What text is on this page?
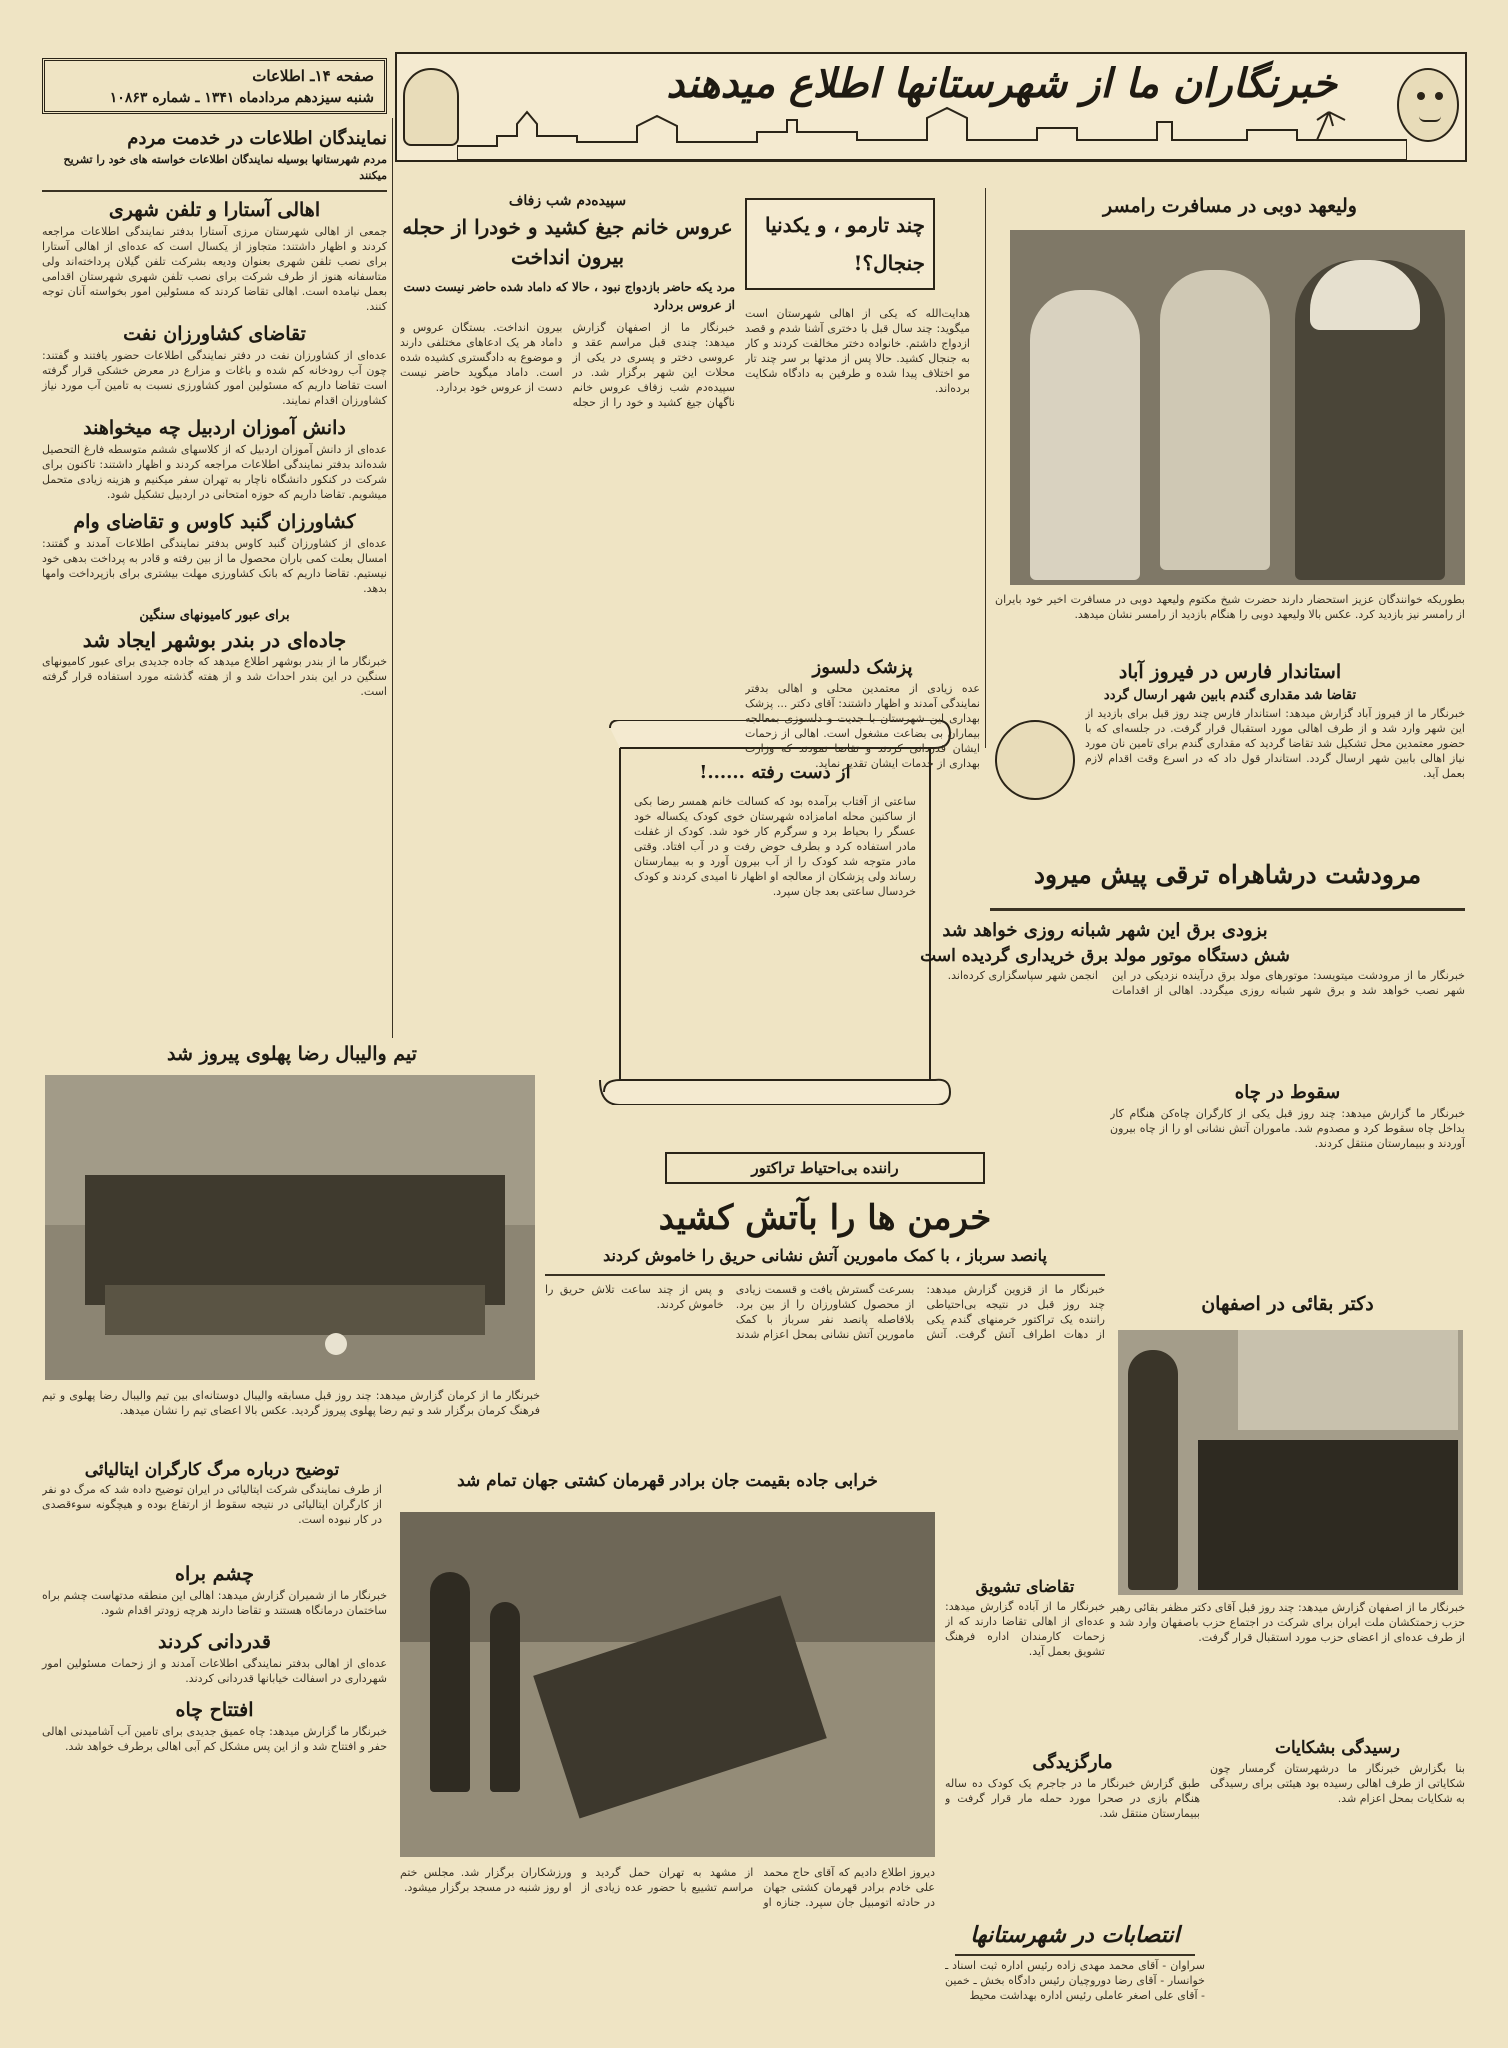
خبرنگاران ما از شهرستانها اطلاع میدهند
صفحه ۱۴ـ اطلاعات
شنبه سیزدهم مردادماه ۱۳۴۱ ـ شماره ۱۰۸۶۳
نمایندگان اطلاعات در خدمت مردم
مردم شهرستانها بوسیله نمایندگان اطلاعات خواسته های خود را تشریح میکنند
اهالی آستارا و تلفن شهری
جمعی از اهالی شهرستان مرزی آستارا بدفتر نمایندگی اطلاعات مراجعه کردند و اظهار داشتند: متجاوز از یکسال است که عده‌ای از اهالی آستارا برای نصب تلفن شهری بعنوان ودیعه بشرکت تلفن گیلان پرداخته‌اند ولی متاسفانه هنوز از طرف شرکت برای نصب تلفن شهری شهرستان اقدامی بعمل نیامده است. اهالی تقاضا کردند که مسئولین امور بخواسته آنان توجه کنند.
تقاضای کشاورزان نفت
عده‌ای از کشاورزان نفت در دفتر نمایندگی اطلاعات حضور یافتند و گفتند: چون آب رودخانه کم شده و باغات و مزارع در معرض خشکی قرار گرفته است تقاضا داریم که مسئولین امور کشاورزی نسبت به تامین آب مورد نیاز کشاورزان اقدام نمایند.
دانش آموزان اردبیل چه میخواهند
عده‌ای از دانش آموزان اردبیل که از کلاسهای ششم متوسطه فارغ التحصیل شده‌اند بدفتر نمایندگی اطلاعات مراجعه کردند و اظهار داشتند: تاکنون برای شرکت در کنکور دانشگاه ناچار به تهران سفر میکنیم و هزینه زیادی متحمل میشویم. تقاضا داریم که حوزه امتحانی در اردبیل تشکیل شود.
کشاورزان گنبد کاوس و تقاضای وام
عده‌ای از کشاورزان گنبد کاوس بدفتر نمایندگی اطلاعات آمدند و گفتند: امسال بعلت کمی باران محصول ما از بین رفته و قادر به پرداخت بدهی خود نیستیم. تقاضا داریم که بانک کشاورزی مهلت بیشتری برای بازپرداخت وامها بدهد.
برای عبور کامیونهای سنگین
جاده‌ای در بندر بوشهر ایجاد شد
خبرنگار ما از بندر بوشهر اطلاع میدهد که جاده جدیدی برای عبور کامیونهای سنگین در این بندر احداث شد و از هفته گذشته مورد استفاده قرار گرفته است.
سپیده‌دم شب زفاف
عروس خانم جیغ کشید و خودرا از حجله بیرون انداخت
مرد یکه حاضر بازدواج نبود ، حالا که داماد شده حاضر نیست دست از عروس بردارد
خبرنگار ما از اصفهان گزارش میدهد: چندی قبل مراسم عقد و عروسی دختر و پسری در یکی از محلات این شهر برگزار شد. در سپیده‌دم شب زفاف عروس خانم ناگهان جیغ کشید و خود را از حجله بیرون انداخت. بستگان عروس و داماد هر یک ادعاهای مختلفی دارند و موضوع به دادگستری کشیده شده است. داماد میگوید حاضر نیست دست از عروس خود بردارد.
چند تارمو ، و یکدنیا جنجال؟!
هدایت‌الله که یکی از اهالی شهرستان است میگوید: چند سال قبل با دختری آشنا شدم و قصد ازدواج داشتم. خانواده دختر مخالفت کردند و کار به جنجال کشید. حالا پس از مدتها بر سر چند تار مو اختلاف پیدا شده و طرفین به دادگاه شکایت برده‌اند.
از دست رفته ......!
ساعتی از آفتاب برآمده بود که کسالت خانم همسر رضا بکی از ساکنین محله امامزاده شهرستان خوی کودک یکساله خود عسگر را بحیاط برد و سرگرم کار خود شد. کودک از غفلت مادر استفاده کرد و بطرف حوض رفت و در آب افتاد. وقتی مادر متوجه شد کودک را از آب بیرون آورد و به بیمارستان رساند ولی پزشکان از معالجه او اظهار نا امیدی کردند و کودک خردسال ساعتی بعد جان سپرد.
ولیعهد دوبی در مسافرت رامسر
بطوریکه خوانندگان عزیز استحضار دارند حضرت شیخ مکتوم ولیعهد دوبی در مسافرت اخیر خود بایران از رامسر نیز بازدید کرد. عکس بالا ولیعهد دوبی را هنگام بازدید از رامسر نشان میدهد.
استاندار فارس در فیروز آباد
تقاضا شد مقداری گندم بابین شهر ارسال گردد
خبرنگار ما از فیروز آباد گزارش میدهد: استاندار فارس چند روز قبل برای بازدید از این شهر وارد شد و از طرف اهالی مورد استقبال قرار گرفت. در جلسه‌ای که با حضور معتمدین محل تشکیل شد تقاضا گردید که مقداری گندم برای تامین نان مورد نیاز اهالی بابین شهر ارسال گردد. استاندار قول داد که در اسرع وقت اقدام لازم بعمل آید.
پزشک دلسوز
عده زیادی از معتمدین محلی و اهالی بدفتر نمایندگی آمدند و اظهار داشتند: آقای دکتر ... پزشک بهداری این شهرستان با جدیت و دلسوزی بمعالجه بیماران بی بضاعت مشغول است. اهالی از زحمات ایشان قدردانی کردند و تقاضا نمودند که وزارت بهداری از خدمات ایشان تقدیر نماید.
مرودشت درشاهراه ترقی پیش میرود
بزودی برق این شهر شبانه روزی خواهد شد
شش دستگاه موتور مولد برق خریداری گردیده است
خبرنگار ما از مرودشت میتویسد: موتورهای مولد برق درآینده نزدیکی در این شهر نصب خواهد شد و برق شهر شبانه روزی میگردد. اهالی از اقدامات انجمن شهر سپاسگزاری کرده‌اند.
سقوط در چاه
خبرنگار ما گزارش میدهد: چند روز قبل یکی از کارگران چاه‌کن هنگام کار بداخل چاه سقوط کرد و مصدوم شد. ماموران آتش نشانی او را از چاه بیرون آوردند و ببیمارستان منتقل کردند.
راننده بی‌احتیاط تراکتور
خرمن ها را بآتش کشید
پانصد سرباز ، با کمک مامورین آتش نشانی حریق را خاموش کردند
خبرنگار ما از قزوین گزارش میدهد: چند روز قبل در نتیجه بی‌احتیاطی راننده یک تراکتور خرمنهای گندم یکی از دهات اطراف آتش گرفت. آتش بسرعت گسترش یافت و قسمت زیادی از محصول کشاورزان را از بین برد. بلافاصله پانصد نفر سرباز با کمک مامورین آتش نشانی بمحل اعزام شدند و پس از چند ساعت تلاش حریق را خاموش کردند.
تیم والیبال رضا پهلوی پیروز شد
خبرنگار ما از کرمان گزارش میدهد: چند روز قبل مسابقه والیبال دوستانه‌ای بین تیم والیبال رضا پهلوی و تیم فرهنگ کرمان برگزار شد و تیم رضا پهلوی پیروز گردید. عکس بالا اعضای تیم را نشان میدهد.
توضیح درباره مرگ کارگران ایتالیائی
از طرف نمایندگی شرکت ایتالیائی در ایران توضیح داده شد که مرگ دو نفر از کارگران ایتالیائی در نتیجه سقوط از ارتفاع بوده و هیچگونه سوء‌قصدی در کار نبوده است.
خرابی جاده بقیمت جان برادر قهرمان کشتی جهان تمام شد
چشم براه
خبرنگار ما از شمیران گزارش میدهد: اهالی این منطقه مدتهاست چشم براه ساختمان درمانگاه هستند و تقاضا دارند هرچه زودتر اقدام شود.
قدردانی کردند
عده‌ای از اهالی بدفتر نمایندگی اطلاعات آمدند و از زحمات مسئولین امور شهرداری در اسفالت خیابانها قدردانی کردند.
افتتاح چاه
خبرنگار ما گزارش میدهد: چاه عمیق جدیدی برای تامین آب آشامیدنی اهالی حفر و افتتاح شد و از این پس مشکل کم آبی اهالی برطرف خواهد شد.
دکتر بقائی در اصفهان
خبرنگار ما از اصفهان گزارش میدهد: چند روز قبل آقای دکتر مظفر بقائی رهبر حزب زحمتکشان ملت ایران برای شرکت در اجتماع حزب باصفهان وارد شد و از طرف عده‌ای از اعضای حزب مورد استقبال قرار گرفت.
تقاضای تشویق
خبرنگار ما از آباده گزارش میدهد: عده‌ای از اهالی تقاضا دارند که از زحمات کارمندان اداره فرهنگ تشویق بعمل آید.
مارگزیدگی
طبق گزارش خبرنگار ما در جاجرم یک کودک ده ساله هنگام بازی در صحرا مورد حمله مار قرار گرفت و ببیمارستان منتقل شد.
رسیدگی بشکایات
بنا بگزارش خبرنگار ما درشهرستان گرمسار چون شکایاتی از طرف اهالی رسیده بود هیئتی برای رسیدگی به شکایات بمحل اعزام شد.
انتصابات در شهرستانها
سراوان - آقای محمد مهدی زاده رئیس اداره ثبت اسناد ـ خوانسار - آقای رضا دوروچیان رئیس دادگاه بخش ـ خمین - آقای علی اصغر عاملی رئیس اداره بهداشت محیط
دیروز اطلاع دادیم که آقای حاج محمد علی خادم برادر قهرمان کشتی جهان در حادثه اتومبیل جان سپرد. جنازه او از مشهد به تهران حمل گردید و مراسم تشییع با حضور عده زیادی از ورزشکاران برگزار شد. مجلس ختم او روز شنبه در مسجد برگزار میشود.
